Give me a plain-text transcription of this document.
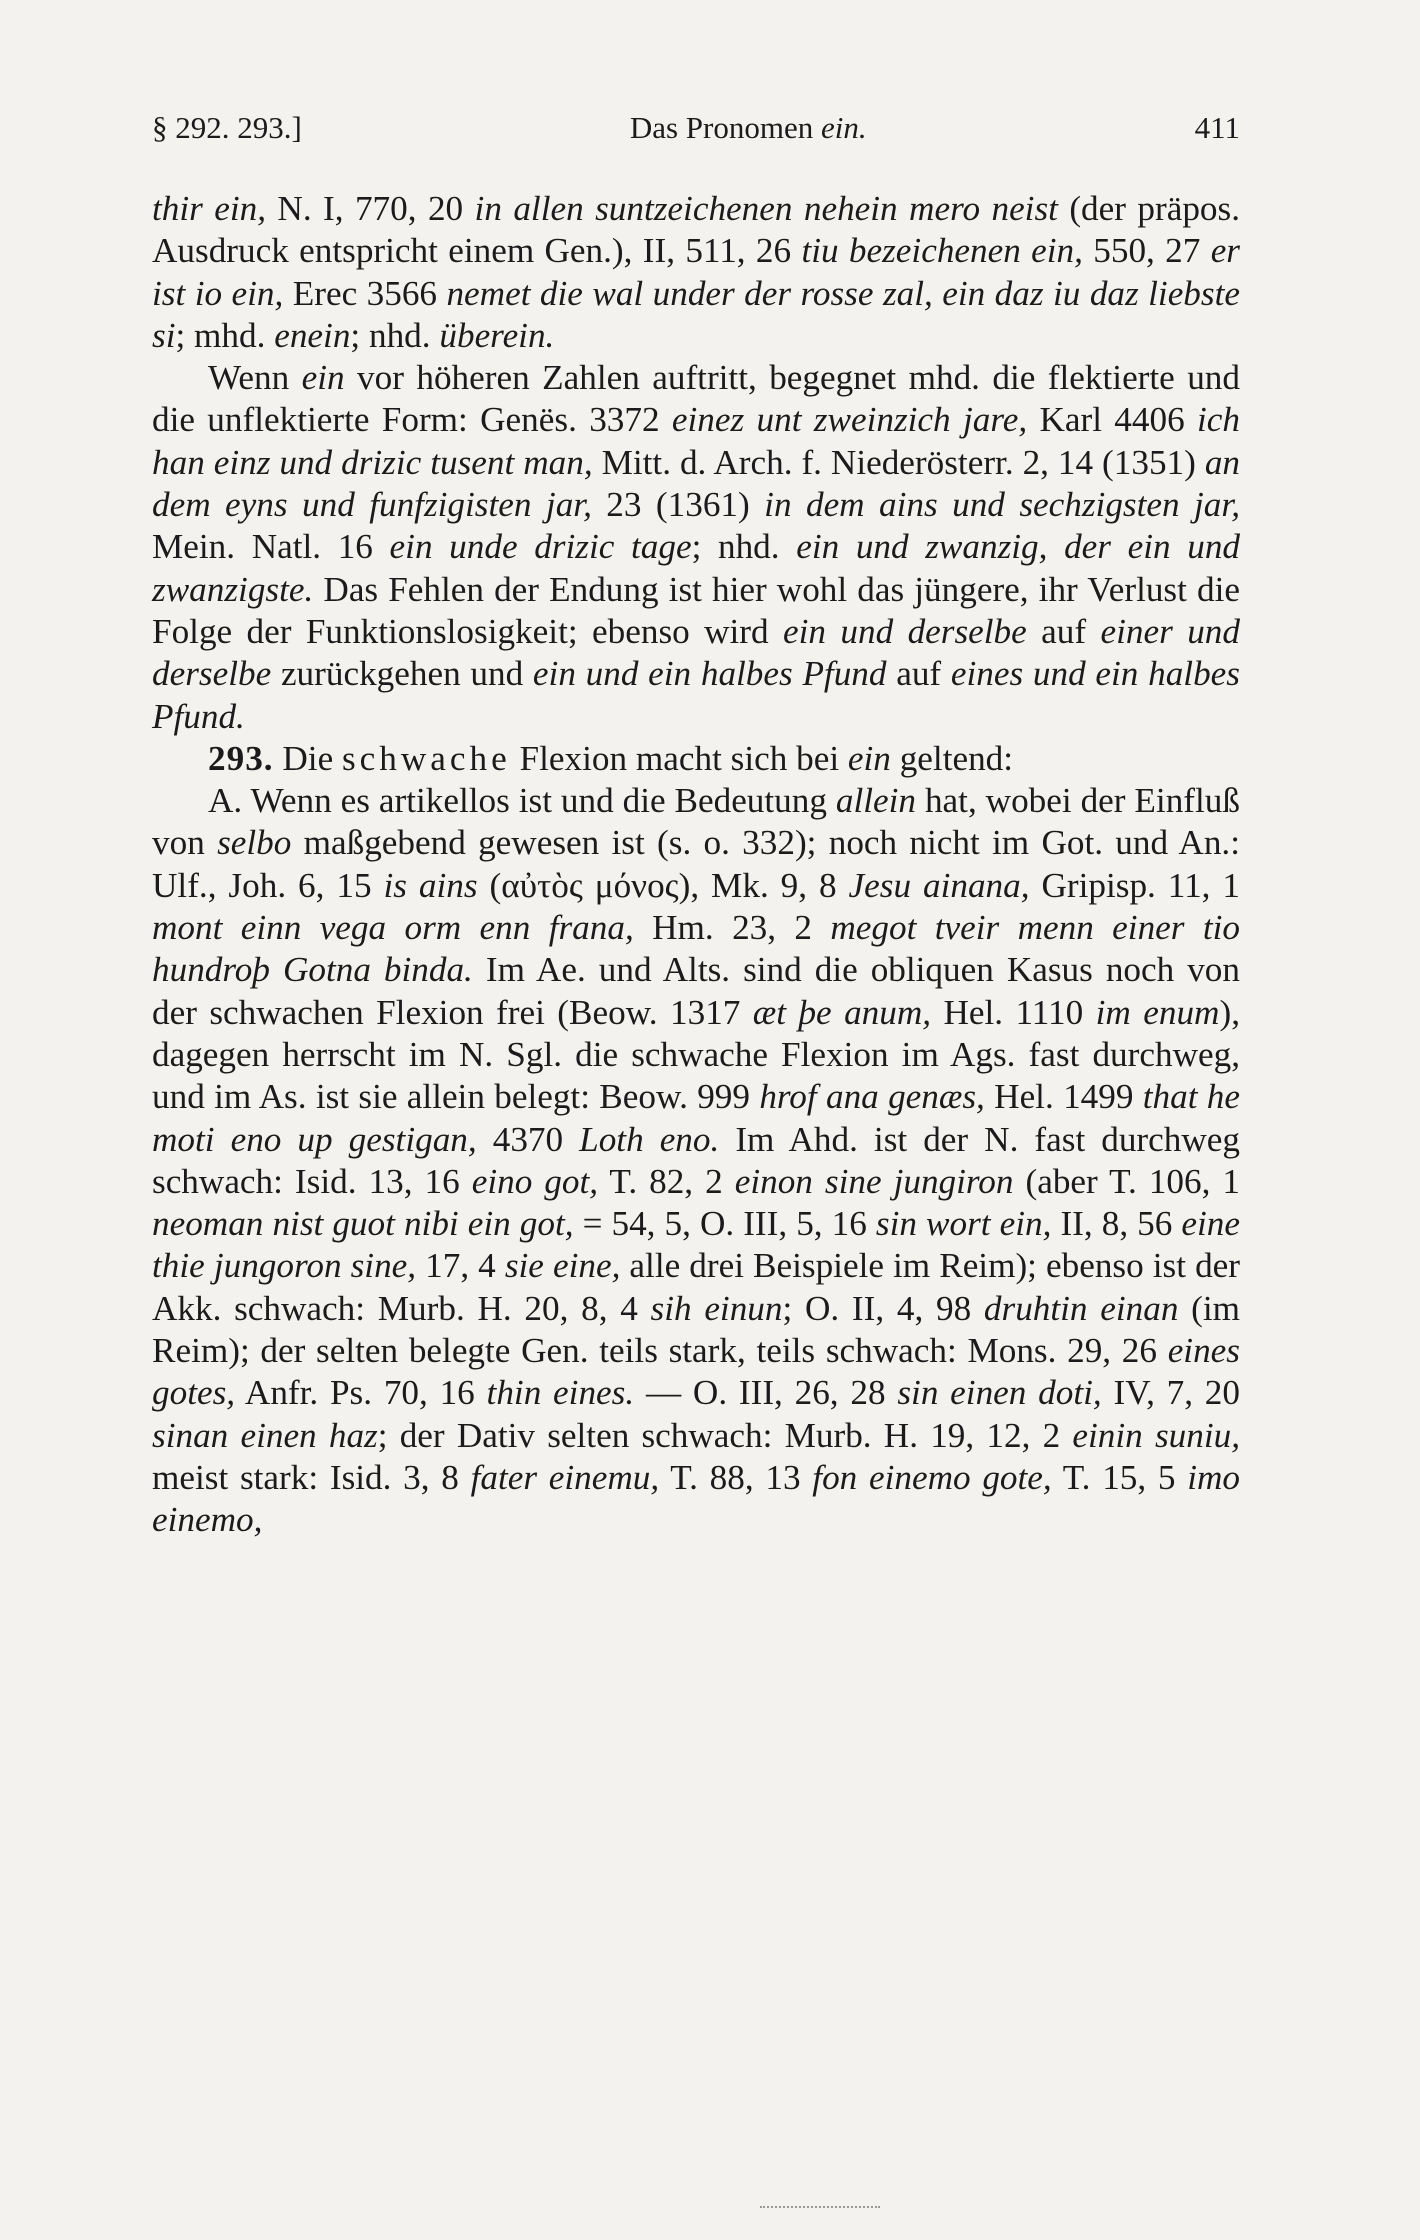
§ 292. 293.]	Das Pronomen ein.	411

thir ein, N. I, 770, 20 in allen suntzeichenen nehein mero neist (der präpos. Ausdruck entspricht einem Gen.), II, 511, 26 tiu bezeichenen ein, 550, 27 er ist io ein, Erec 3566 nemet die wal under der rosse zal, ein daz iu daz liebste si; mhd. enein; nhd. überein.

Wenn ein vor höheren Zahlen auftritt, begegnet mhd. die flektierte und die unflektierte Form: Genës. 3372 einez unt zweinzich jare, Karl 4406 ich han einz und drizic tusent man, Mitt. d. Arch. f. Niederösterr. 2, 14 (1351) an dem eyns und funfzigisten jar, 23 (1361) in dem ains und sechzigsten jar, Mein. Natl. 16 ein unde drizic tage; nhd. ein und zwanzig, der ein und zwanzigste. Das Fehlen der Endung ist hier wohl das jüngere, ihr Verlust die Folge der Funktionslosigkeit; ebenso wird ein und derselbe auf einer und derselbe zurückgehen und ein und ein halbes Pfund auf eines und ein halbes Pfund.

293. Die schwache Flexion macht sich bei ein geltend:

A. Wenn es artikellos ist und die Bedeutung allein hat, wobei der Einfluß von selbo maßgebend gewesen ist (s. o. 332); noch nicht im Got. und An.: Ulf., Joh. 6, 15 is ains (αὐτὸς μόνος), Mk. 9, 8 Jesu ainana, Gripisp. 11, 1 mont einn vega orm enn frana, Hm. 23, 2 megot tveir menn einer tio hundroþ Gotna binda. Im Ae. und Alts. sind die obliquen Kasus noch von der schwachen Flexion frei (Beow. 1317 æt þe anum, Hel. 1110 im enum), dagegen herrscht im N. Sgl. die schwache Flexion im Ags. fast durchweg, und im As. ist sie allein belegt: Beow. 999 hrof ana genæs, Hel. 1499 that he moti eno up gestigan, 4370 Loth eno. Im Ahd. ist der N. fast durchweg schwach: Isid. 13, 16 eino got, T. 82, 2 einon sine jungiron (aber T. 106, 1 neoman nist guot nibi ein got, = 54, 5, O. III, 5, 16 sin wort ein, II, 8, 56 eine thie jungoron sine, 17, 4 sie eine, alle drei Beispiele im Reim); ebenso ist der Akk. schwach: Murb. H. 20, 8, 4 sih einun; O. II, 4, 98 druhtin einan (im Reim); der selten belegte Gen. teils stark, teils schwach: Mons. 29, 26 eines gotes, Anfr. Ps. 70, 16 thin eines. — O. III, 26, 28 sin einen doti, IV, 7, 20 sinan einen haz; der Dativ selten schwach: Murb. H. 19, 12, 2 einin suniu, meist stark: Isid. 3, 8 fater einemu, T. 88, 13 fon einemo gote, T. 15, 5 imo einemo,
